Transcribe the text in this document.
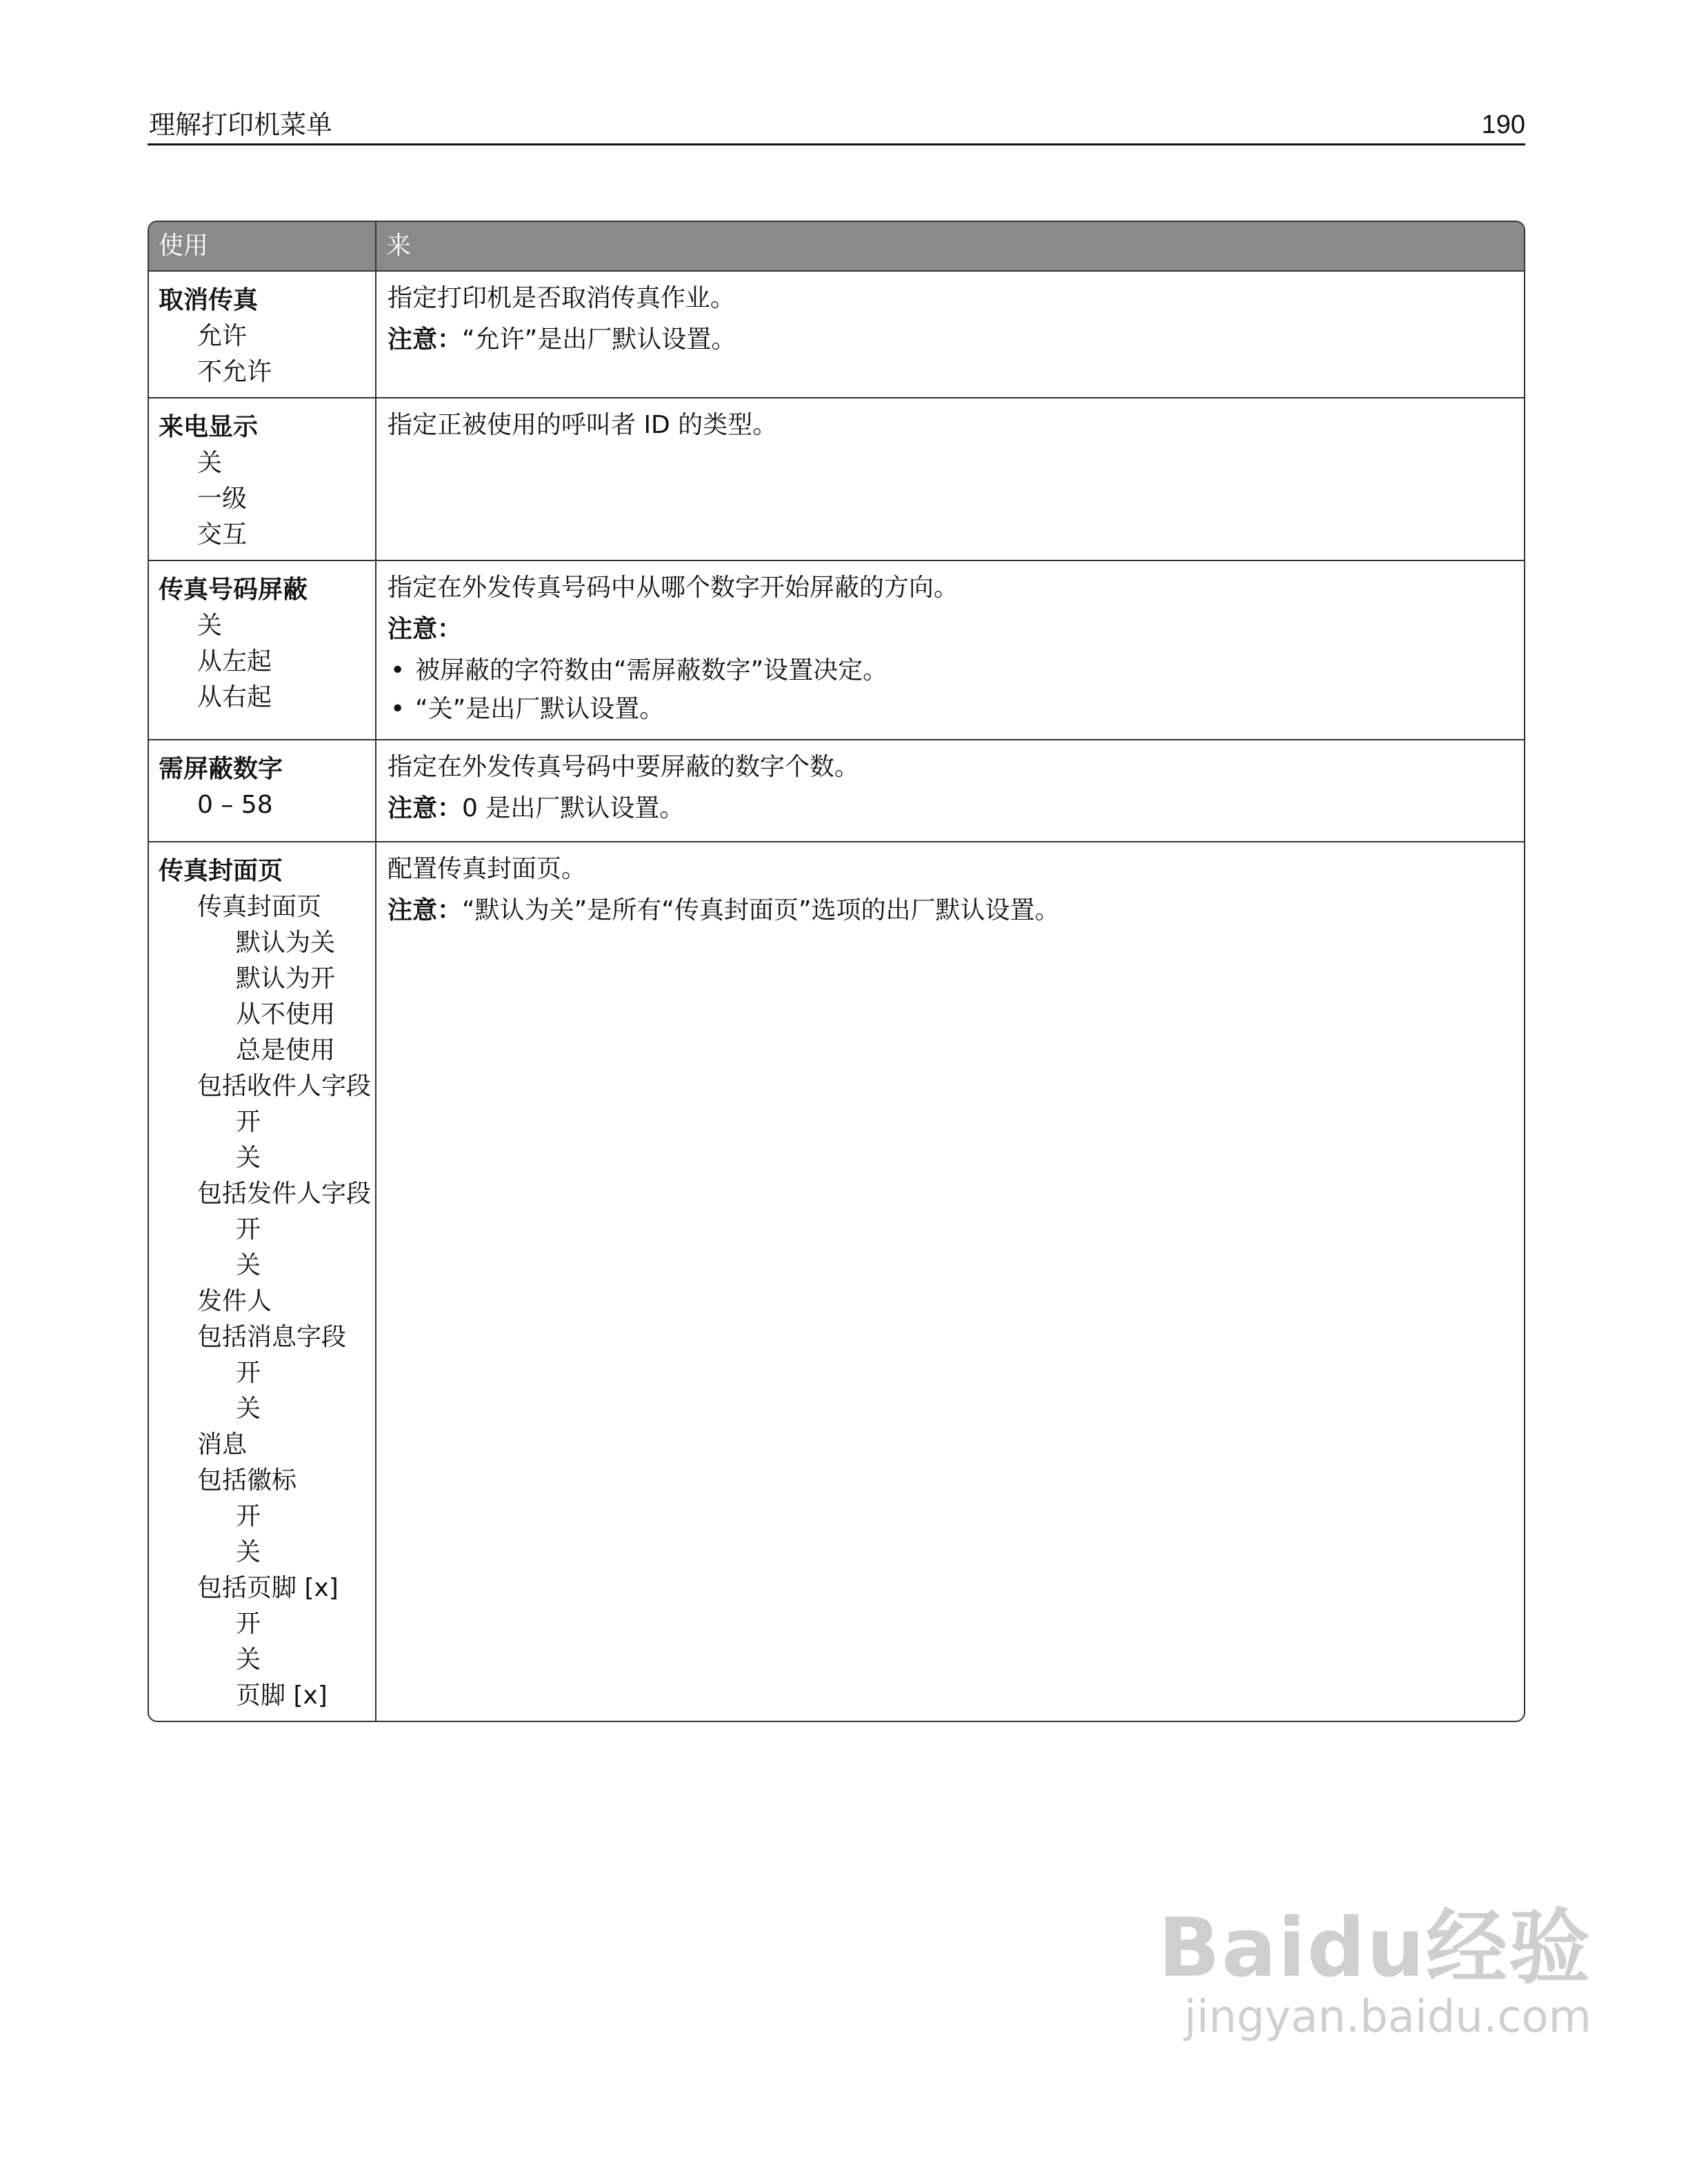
理解打印机菜单	190
使用	来
取消传真
允许
不允许
指定打印机是否取消传真作业。
注意：“允许”是出厂默认设置。
来电显示
关
一级
交互
指定正被使用的呼叫者 ID 的类型。
传真号码屏蔽
关
从左起
从右起
指定在外发传真号码中从哪个数字开始屏蔽的方向。
注意：
• 被屏蔽的字符数由“需屏蔽数字”设置决定。
• “关”是出厂默认设置。
需屏蔽数字
0 – 58
指定在外发传真号码中要屏蔽的数字个数。
注意：0 是出厂默认设置。
传真封面页
传真封面页
默认为关
默认为开
从不使用
总是使用
包括收件人字段
开
关
包括发件人字段
开
关
发件人
包括消息字段
开
关
消息
包括徽标
开
关
包括页脚 [x]
开
关
页脚 [x]
配置传真封面页。
注意：“默认为关”是所有“传真封面页”选项的出厂默认设置。
Baidu经验
jingyan.baidu.com
